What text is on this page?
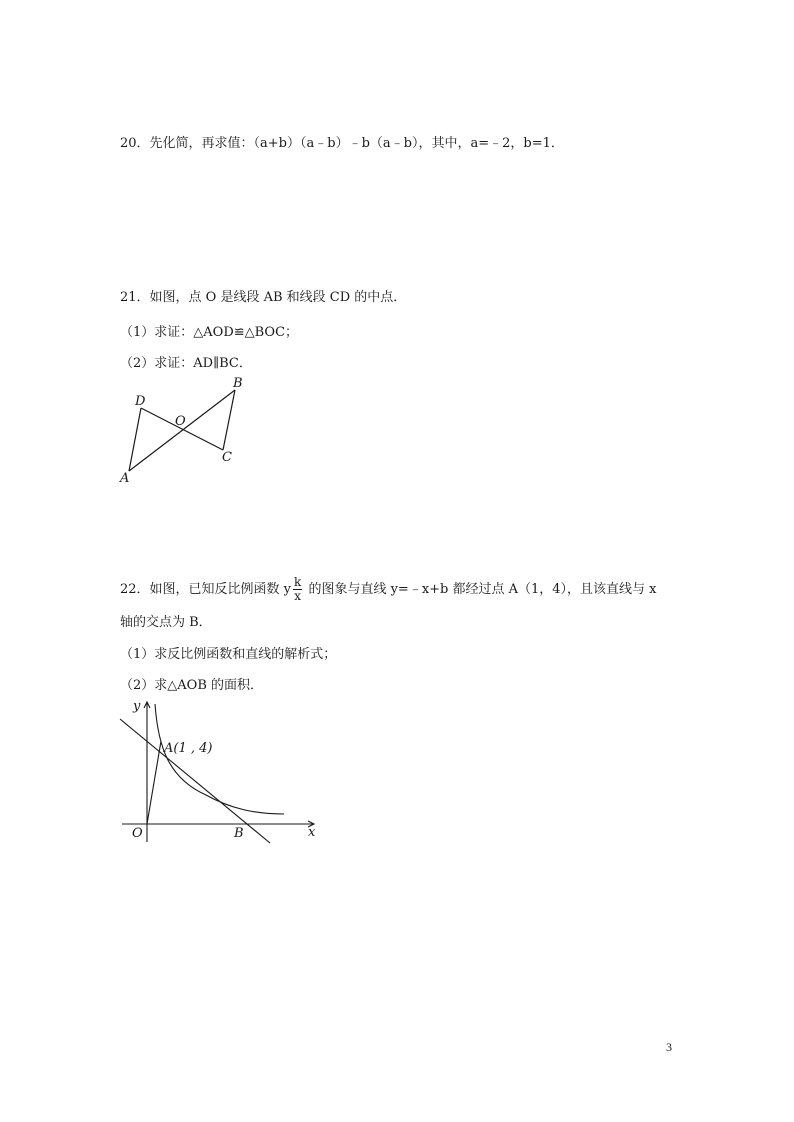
20．先化简，再求值：（a+b）（a﹣b）﹣b（a﹣b），其中，a=﹣2，b=1．
21．如图，点 O 是线段 AB 和线段 CD 的中点．
（1）求证：△AOD≌△BOC；
（2）求证：AD∥BC．
D
B
O
C
A
22．如图，已知反比例函数 y $\frac{k}{x}$ 的图象与直线 y=﹣x+b 都经过点 A（1，4），且该直线与 x
轴的交点为 B．
（1）求反比例函数和直线的解析式；
（2）求△AOB 的面积．
y
x
O
A(1 , 4)
B
3
